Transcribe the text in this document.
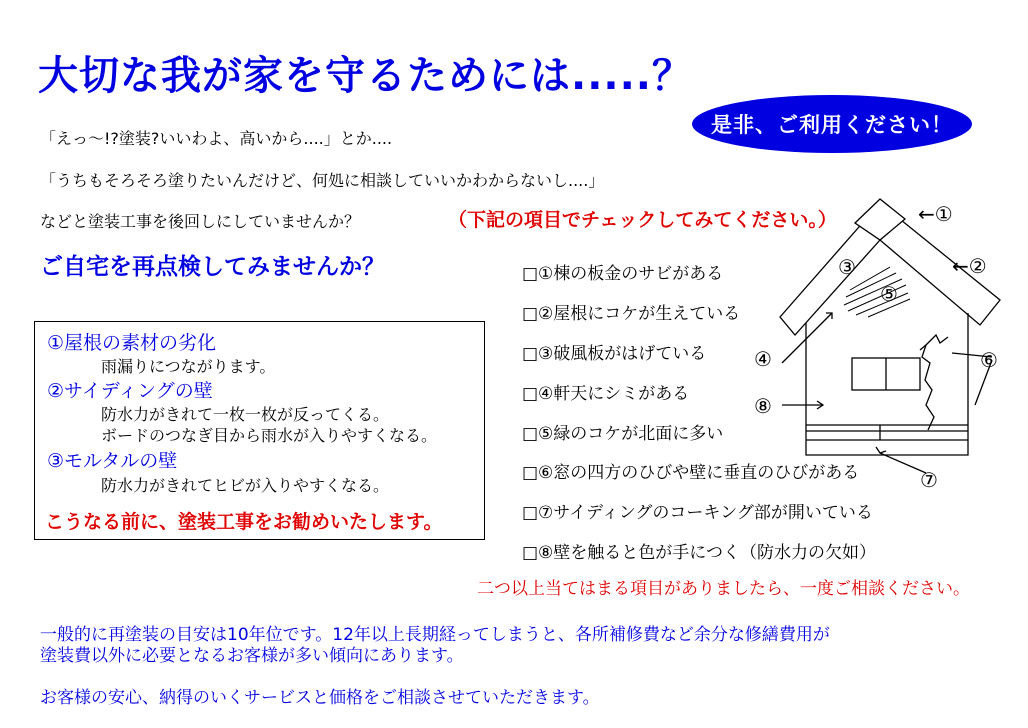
大切な我が家を守るためには.....？
是非、ご利用ください！
「えっ〜!?塗装?いいわよ、高いから....」とか....
「うちもそろそろ塗りたいんだけど、何処に相談していいかわからないし....」
などと塗装工事を後回しにしていませんか？	（下記の項目でチェックしてみてください。）
ご自宅を再点検してみませんか？
①屋根の素材の劣化
雨漏りにつながります。
②サイディングの壁
防水力がきれて一枚一枚が反ってくる。
ボードのつなぎ目から雨水が入りやすくなる。
③モルタルの壁
防水力がきれてヒビが入りやすくなる。
こうなる前に、塗装工事をお勧めいたします。
□①棟の板金のサビがある
□②屋根にコケが生えている
□③破風板がはげている
□④軒天にシミがある
□⑤緑のコケが北面に多い
□⑥窓の四方のひびや壁に垂直のひびがある
□⑦サイディングのコーキング部が開いている
□⑧壁を触ると色が手につく（防水力の欠如）
←①
③	←②
⑤
④	⑥
⑧
⑦
二つ以上当てはまる項目がありましたら、一度ご相談ください。
一般的に再塗装の目安は10年位です。12年以上長期経ってしまうと、各所補修費など余分な修繕費用が
塗装費以外に必要となるお客様が多い傾向にあります。
お客様の安心、納得のいくサービスと価格をご相談させていただきます。
